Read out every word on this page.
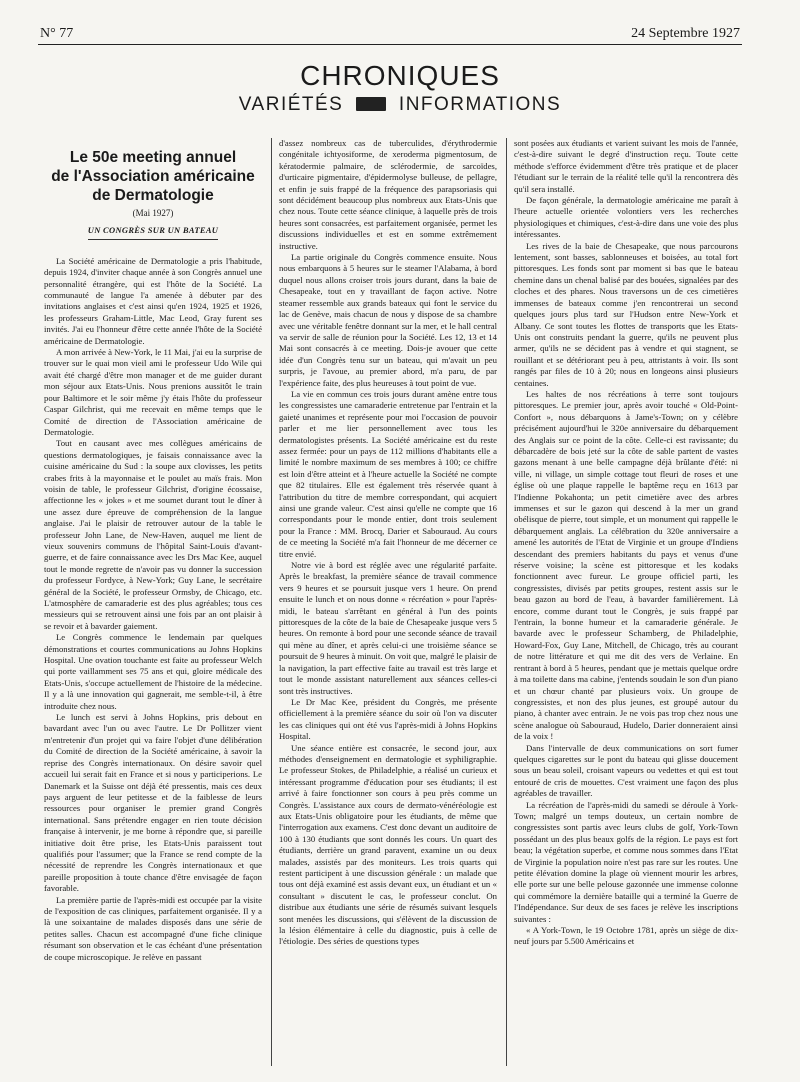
N° 77	24 Septembre 1927
CHRONIQUES
VARIÉTÉS	INFORMATIONS
Le 50e meeting annuel
de l'Association américaine
de Dermatologie
(Mai 1927)
UN CONGRÈS SUR UN BATEAU

La Société américaine de Dermatologie a pris l'habitude, depuis 1924, d'inviter chaque année à son Congrès annuel une personnalité étrangère, qui est l'hôte de la Société. La communauté de langue l'a amenée à débuter par des invitations anglaises et c'est ainsi qu'en 1924, 1925 et 1926, les professeurs Graham-Little, Mac Leod, Gray furent ses invités. J'ai eu l'honneur d'être cette année l'hôte de la Société américaine de Dermatologie.

A mon arrivée à New-York, le 11 Mai, j'ai eu la surprise de trouver sur le quai mon vieil ami le professeur Udo Wile qui avait été chargé d'être mon manager et de me guider durant mon séjour aux Etats-Unis. Nous prenions aussitôt le train pour Baltimore et le soir même j'y étais l'hôte du professeur Caspar Gilchrist, qui me recevait en même temps que le Comité de direction de l'Association américaine de Dermatologie.

Tout en causant avec mes collègues américains de questions dermatologiques, je faisais connaissance avec la cuisine américaine du Sud : la soupe aux clovisses, les petits crabes frits à la mayonnaise et le poulet au maïs frais. Mon voisin de table, le professeur Gilchrist, d'origine écossaise, affectionne les « jokes » et me soumet durant tout le dîner à une assez dure épreuve de compréhension de la langue anglaise. J'ai le plaisir de retrouver autour de la table le professeur John Lane, de New-Haven, auquel me lient de vieux souvenirs communs de l'hôpital Saint-Louis d'avant-guerre, et de faire connaissance avec les Drs Mac Kee, auquel tout le monde regrette de n'avoir pas vu donner la succession du professeur Fordyce, à New-York; Guy Lane, le secrétaire général de la Société, le professeur Ormsby, de Chicago, etc. L'atmosphère de camaraderie est des plus agréables; tous ces messieurs qui se retrouvent ainsi une fois par an ont plaisir à se revoir et à bavarder gaiement.

Le Congrès commence le lendemain par quelques démonstrations et courtes communications au Johns Hopkins Hospital. Une ovation touchante est faite au professeur Welch qui porte vaillamment ses 75 ans et qui, gloire médicale des Etats-Unis, s'occupe actuellement de l'histoire de la médecine. Il y a là une innovation qui gagnerait, me semble-t-il, à être introduite chez nous.

Le lunch est servi à Johns Hopkins, pris debout en bavardant avec l'un ou avec l'autre. Le Dr Pollitzer vient m'entretenir d'un projet qui va faire l'objet d'une délibération du Comité de direction de la Société américaine, à savoir la reprise des Congrès internationaux. On désire savoir quel accueil lui serait fait en France et si nous y participerions. Le Danemark et la Suisse ont déjà été pressentis, mais ces deux pays arguent de leur petitesse et de la faiblesse de leurs ressources pour organiser le premier grand Congrès international. Sans prétendre engager en rien toute décision française à intervenir, je me borne à répondre que, si pareille initiative doit être prise, les Etats-Unis paraissent tout qualifiés pour l'assumer; que la France se rend compte de la nécessité de reprendre les Congrès internationaux et que pareille proposition à toute chance d'être envisagée de façon favorable.

La première partie de l'après-midi est occupée par la visite de l'exposition de cas cliniques, parfaitement organisée. Il y a là une soixantaine de malades disposés dans une série de petites salles. Chacun est accompagné d'une fiche clinique résumant son observation et le cas échéant d'une présentation de coupe microscopique. Je relève en passant

d'assez nombreux cas de tuberculides, d'érythrodermie congénitale ichtyosiforme, de xeroderma pigmentosum, de kératodermie palmaire, de sclérodermie, de sarcoïdes, d'urticaire pigmentaire, d'épidermolyse bulleuse, de pellagre, et enfin je suis frappé de la fréquence des parapsoriasis qui sont décidément beaucoup plus nombreux aux Etats-Unis que chez nous. Toute cette séance clinique, à laquelle près de trois heures sont consacrées, est parfaitement organisée, permet les discussions individuelles et est en somme extrêmement instructive.

La partie originale du Congrès commence ensuite. Nous nous embarquons à 5 heures sur le steamer l'Alabama, à bord duquel nous allons croiser trois jours durant, dans la baie de Chesapeake, tout en y travaillant de façon active. Notre steamer ressemble aux grands bateaux qui font le service du lac de Genève, mais chacun de nous y dispose de sa chambre avec une véritable fenêtre donnant sur la mer, et le hall central va servir de salle de réunion pour la Société. Les 12, 13 et 14 Mai sont consacrés à ce meeting. Dois-je avouer que cette idée d'un Congrès tenu sur un bateau, qui m'avait un peu surpris, je l'avoue, au premier abord, m'a paru, de par l'expérience faite, des plus heureuses à tout point de vue.

La vie en commun ces trois jours durant amène entre tous les congressistes une camaraderie entretenue par l'entrain et la gaieté unanimes et représente pour moi l'occasion de pouvoir parler et me lier personnellement avec tous les dermatologistes présents. La Société américaine est du reste assez fermée: pour un pays de 112 millions d'habitants elle a limité le nombre maximum de ses membres à 100; ce chiffre est loin d'être atteint et à l'heure actuelle la Société ne compte que 82 titulaires. Elle est également très réservée quant à l'attribution du titre de membre correspondant, qui acquiert ainsi une grande valeur. C'est ainsi qu'elle ne compte que 16 correspondants pour le monde entier, dont trois seulement pour la France : MM. Brocq, Darier et Sabouraud. Au cours de ce meeting la Société m'a fait l'honneur de me décerner ce titre envié.

Notre vie à bord est réglée avec une régularité parfaite. Après le breakfast, la première séance de travail commence vers 9 heures et se poursuit jusque vers 1 heure. On prend ensuite le lunch et on nous donne « récréation » pour l'après-midi, le bateau s'arrêtant en général à l'un des points pittoresques de la côte de la baie de Chesapeake jusque vers 5 heures. On remonte à bord pour une seconde séance de travail qui mène au dîner, et après celui-ci une troisième séance se poursuit de 9 heures à minuit. On voit que, malgré le plaisir de la navigation, la part effective faite au travail est très large et tout le monde assistant naturellement aux séances celles-ci sont très instructives.

Le Dr Mac Kee, président du Congrès, me présente officiellement à la première séance du soir où l'on va discuter les cas cliniques qui ont été vus l'après-midi à Johns Hopkins Hospital.

Une séance entière est consacrée, le second jour, aux méthodes d'enseignement en dermatologie et syphiligraphie. Le professeur Stokes, de Philadelphie, a réalisé un curieux et intéressant programme d'éducation pour ses étudiants; il est arrivé à faire fonctionner son cours à peu près comme un Congrès. L'assistance aux cours de dermato-vénéréologie est aux Etats-Unis obligatoire pour les étudiants, de même que l'interrogation aux examens. C'est donc devant un auditoire de 100 à 130 étudiants que sont donnés les cours. Un quart des étudiants, derrière un grand paravent, examine un ou deux malades, assistés par des moniteurs. Les trois quarts qui restent participent à une discussion générale : un malade que tous ont déjà examiné est assis devant eux, un étudiant et un « consultant » discutent le cas, le professeur conclut. On distribue aux étudiants une série de résumés suivant lesquels sont menées les discussions, qui s'élèvent de la discussion de la lésion élémentaire à celle du diagnostic, puis à celle de l'étiologie. Des séries de questions types

sont posées aux étudiants et varient suivant les mois de l'année, c'est-à-dire suivant le degré d'instruction reçu. Toute cette méthode s'efforce évidemment d'être très pratique et de placer l'étudiant sur le terrain de la réalité telle qu'il la rencontrera dès qu'il sera installé.

De façon générale, la dermatologie américaine me paraît à l'heure actuelle orientée volontiers vers les recherches physiologiques et chimiques, c'est-à-dire dans une voie des plus intéressantes.

Les rives de la baie de Chesapeake, que nous parcourons lentement, sont basses, sablonneuses et boisées, au total fort pittoresques. Les fonds sont par moment si bas que le bateau chemine dans un chenal balisé par des bouées, signalées par des cloches et des phares. Nous traversons un de ces cimetières immenses de bateaux comme j'en rencontrerai un second quelques jours plus tard sur l'Hudson entre New-York et Albany. Ce sont toutes les flottes de transports que les Etats-Unis ont construits pendant la guerre, qu'ils ne peuvent plus armer, qu'ils ne se décident pas à vendre et qui stagnent, se rouillant et se détériorant peu à peu, attristants à voir. Ils sont rangés par files de 10 à 20; nous en longeons ainsi plusieurs centaines.

Les haltes de nos récréations à terre sont toujours pittoresques. Le premier jour, après avoir touché « Old-Point-Confort », nous débarquons à Jame's-Town; on y célèbre précisément aujourd'hui le 320e anniversaire du débarquement des Anglais sur ce point de la côte. Celle-ci est ravissante; du débarcadère de bois jeté sur la côte de sable partent de vastes gazons menant à une belle campagne déjà brûlante d'été: ni ville, ni village, un simple cottage tout fleuri de roses et une église où une plaque rappelle le baptême reçu en 1613 par l'Indienne Pokahonta; un petit cimetière avec des arbres immenses et sur le gazon qui descend à la mer un grand obélisque de pierre, tout simple, et un monument qui rappelle le débarquement anglais. La célébration du 320e anniversaire a amené les autorités de l'Etat de Virginie et un groupe d'Indiens descendant des premiers habitants du pays et venus d'une réserve voisine; la scène est pittoresque et les kodaks fonctionnent avec fureur. Le groupe officiel parti, les congressistes, divisés par petits groupes, restent assis sur le beau gazon au bord de l'eau, à bavarder familièrement. Là encore, comme durant tout le Congrès, je suis frappé par l'entrain, la bonne humeur et la camaraderie générale. Je bavarde avec le professeur Schamberg, de Philadelphie, Howard-Fox, Guy Lane, Mitchell, de Chicago, très au courant de notre littérature et qui me dit des vers de Verlaine. En rentrant à bord à 5 heures, pendant que je mettais quelque ordre à ma toilette dans ma cabine, j'entends soudain le son d'un piano et un chœur chanté par plusieurs voix. Un groupe de congressistes, et non des plus jeunes, est groupé autour du piano, à chanter avec entrain. Je ne vois pas trop chez nous une scène analogue où Sabouraud, Hudelo, Darier donneraient ainsi de la voix !

Dans l'intervalle de deux communications on sort fumer quelques cigarettes sur le pont du bateau qui glisse doucement sous un beau soleil, croisant vapeurs ou vedettes et qui est tout entouré de cris de mouettes. C'est vraiment une façon des plus agréables de travailler.

La récréation de l'après-midi du samedi se déroule à York-Town; malgré un temps douteux, un certain nombre de congressistes sont partis avec leurs clubs de golf, York-Town possédant un des plus beaux golfs de la région. Le pays est fort beau; la végétation superbe, et comme nous sommes dans l'Etat de Virginie la population noire n'est pas rare sur les routes. Une petite élévation domine la plage où viennent mourir les arbres, elle porte sur une belle pelouse gazonnée une immense colonne qui commémore la dernière bataille qui a terminé la Guerre de l'Indépendance. Sur deux de ses faces je relève les inscriptions suivantes :

« A York-Town, le 19 Octobre 1781, après un siège de dix-neuf jours par 5.500 Américains et
